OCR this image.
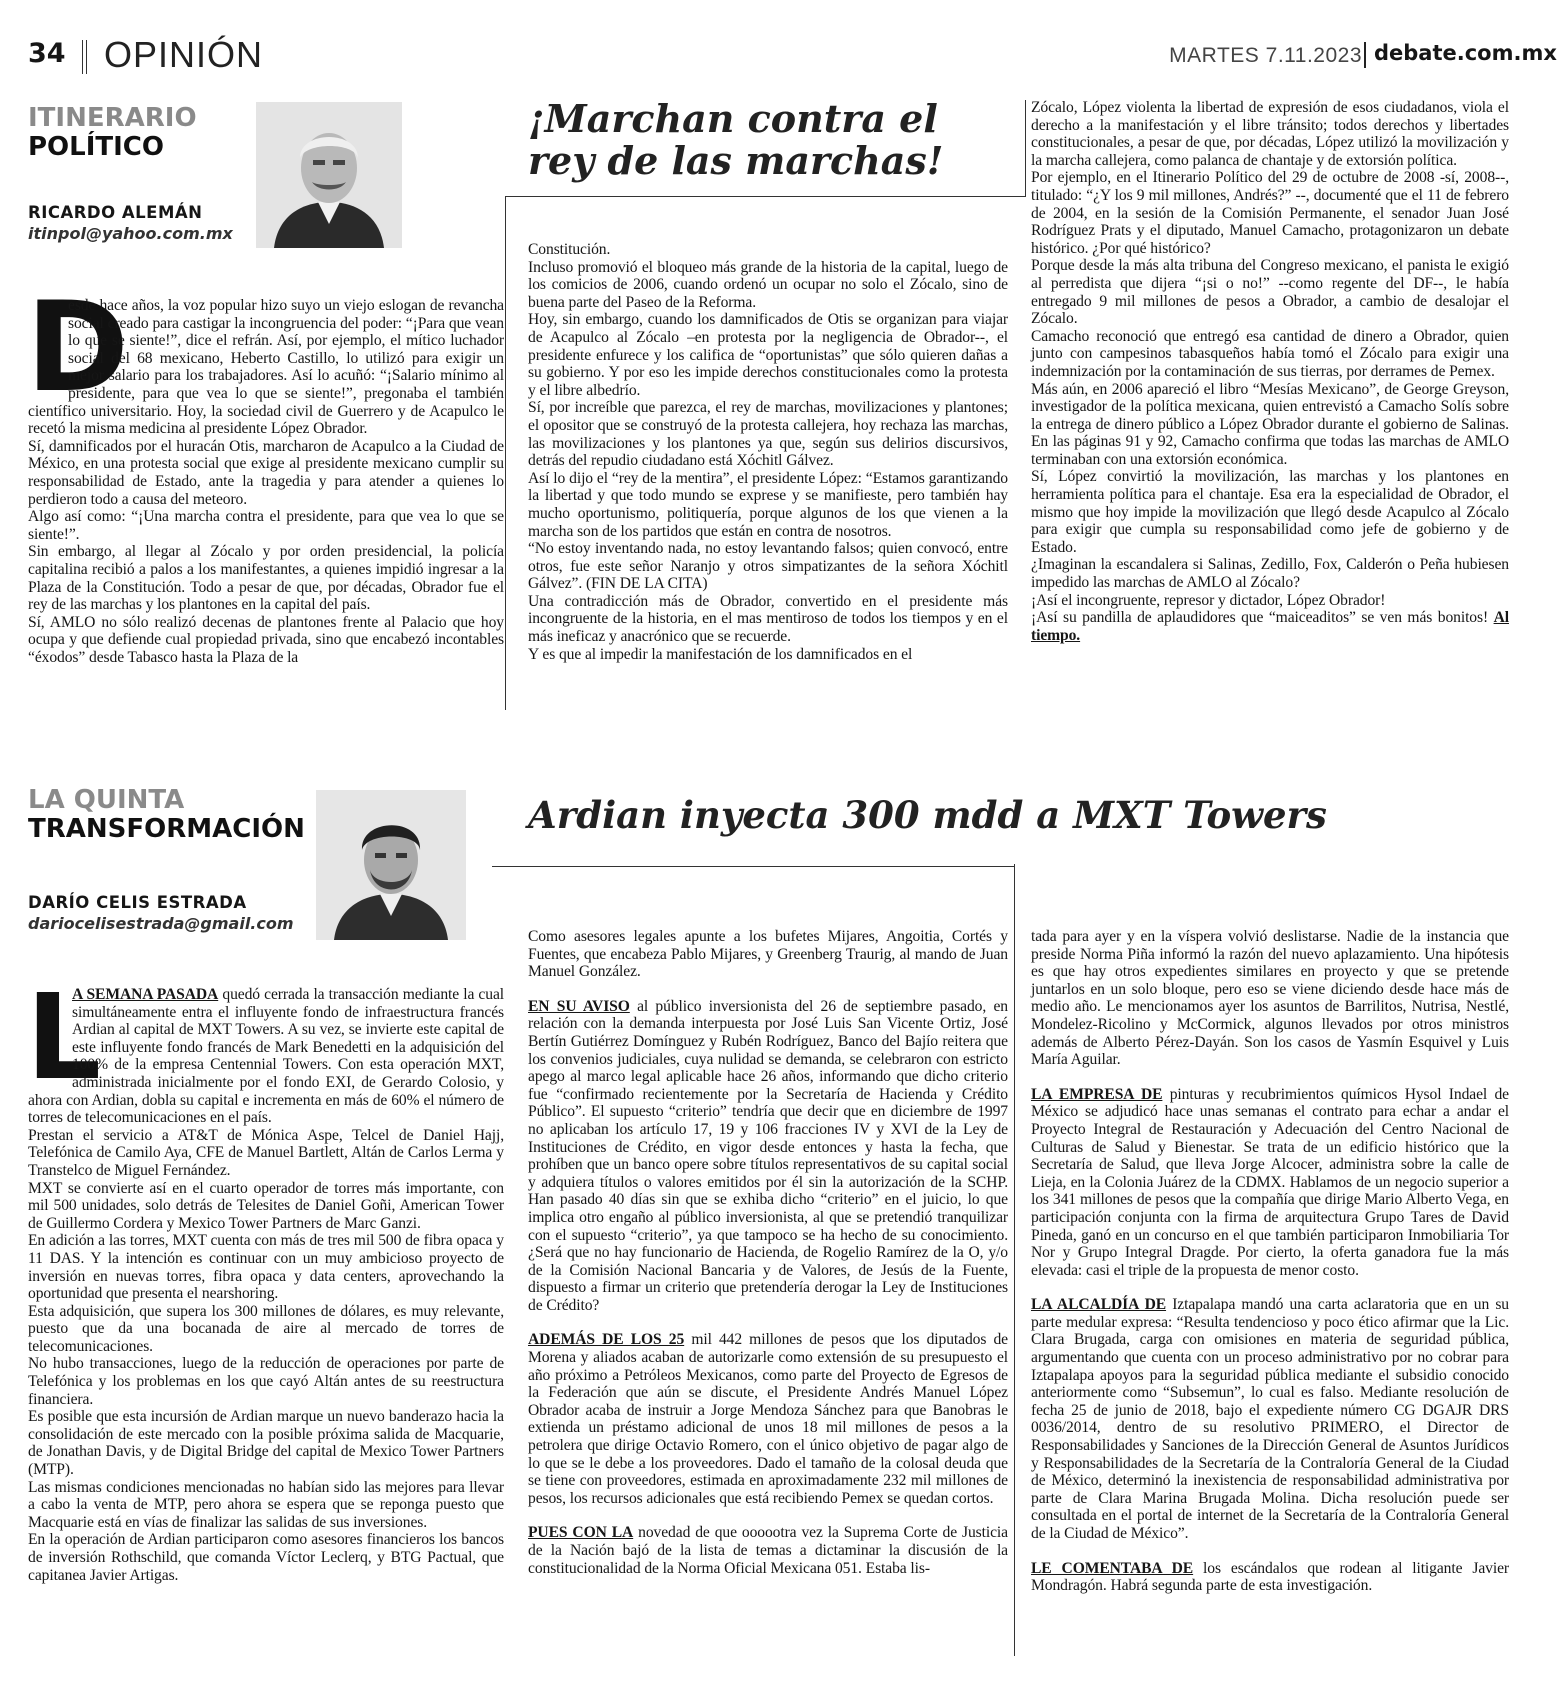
34 OPINIÓN	MARTES 7.11.2023 debate.com.mx
ITINERARIO
POLÍTICO
RICARDO ALEMÁN
itinpol@yahoo.com.mx
¡Marchan contra el rey de las marchas!
D

esde hace años, la voz popular hizo suyo un viejo eslogan de revancha social creado para castigar la incongruencia del poder: “¡Para que vean lo que se siente!”, dice el refrán. Así, por ejemplo, el mítico luchador social del 68 mexicano, Heberto Castillo, lo utilizó para exigir un mejor salario para los trabajadores. Así lo acuñó: “¡Salario mínimo al presidente, para que vea lo que se siente!”, pregonaba el también científico universitario. Hoy, la sociedad civil de Guerrero y de Acapulco le recetó la misma medicina al presidente López Obrador.

Sí, damnificados por el huracán Otis, marcharon de Acapulco a la Ciudad de México, en una protesta social que exige al presidente mexicano cumplir su responsabilidad de Estado, ante la tragedia y para atender a quienes lo perdieron todo a causa del meteoro.

Algo así como: “¡Una marcha contra el presidente, para que vea lo que se siente!”.

Sin embargo, al llegar al Zócalo y por orden presidencial, la policía capitalina recibió a palos a los manifestantes, a quienes impidió ingresar a la Plaza de la Constitución. Todo a pesar de que, por décadas, Obrador fue el rey de las marchas y los plantones en la capital del país.

Sí, AMLO no sólo realizó decenas de plantones frente al Palacio que hoy ocupa y que defiende cual propiedad privada, sino que encabezó incontables “éxodos” desde Tabasco hasta la Plaza de la

Constitución.

Incluso promovió el bloqueo más grande de la historia de la capital, luego de los comicios de 2006, cuando ordenó un ocupar no solo el Zócalo, sino de buena parte del Paseo de la Reforma.

Hoy, sin embargo, cuando los damnificados de Otis se organizan para viajar de Acapulco al Zócalo –en protesta por la negligencia de Obrador--, el presidente enfurece y los califica de “oportunistas” que sólo quieren dañas a su gobierno. Y por eso les impide derechos constitucionales como la protesta y el libre albedrío.

Sí, por increíble que parezca, el rey de marchas, movilizaciones y plantones; el opositor que se construyó de la protesta callejera, hoy rechaza las marchas, las movilizaciones y los plantones ya que, según sus delirios discursivos, detrás del repudio ciudadano está Xóchitl Gálvez.

Así lo dijo el “rey de la mentira”, el presidente López: “Estamos garantizando la libertad y que todo mundo se exprese y se manifieste, pero también hay mucho oportunismo, politiquería, porque algunos de los que vienen a la marcha son de los partidos que están en contra de nosotros.

“No estoy inventando nada, no estoy levantando falsos; quien convocó, entre otros, fue este señor Naranjo y otros simpatizantes de la señora Xóchitl Gálvez”. (FIN DE LA CITA)

Una contradicción más de Obrador, convertido en el presidente más incongruente de la historia, en el mas mentiroso de todos los tiempos y en el más ineficaz y anacrónico que se recuerde.

Y es que al impedir la manifestación de los damnificados en el

Zócalo, López violenta la libertad de expresión de esos ciudadanos, viola el derecho a la manifestación y el libre tránsito; todos derechos y libertades constitucionales, a pesar de que, por décadas, López utilizó la movilización y la marcha callejera, como palanca de chantaje y de extorsión política.

Por ejemplo, en el Itinerario Político del 29 de octubre de 2008 -sí, 2008--, titulado: “¿Y los 9 mil millones, Andrés?” --, documenté que el 11 de febrero de 2004, en la sesión de la Comisión Permanente, el senador Juan José Rodríguez Prats y el diputado, Manuel Camacho, protagonizaron un debate histórico. ¿Por qué histórico?

Porque desde la más alta tribuna del Congreso mexicano, el panista le exigió al perredista que dijera “¡si o no!” --como regente del DF--, le había entregado 9 mil millones de pesos a Obrador, a cambio de desalojar el Zócalo.

Camacho reconoció que entregó esa cantidad de dinero a Obrador, quien junto con campesinos tabasqueños había tomó el Zócalo para exigir una indemnización por la contaminación de sus tierras, por derrames de Pemex.

Más aún, en 2006 apareció el libro “Mesías Mexicano”, de George Greyson, investigador de la política mexicana, quien entrevistó a Camacho Solís sobre la entrega de dinero público a López Obrador durante el gobierno de Salinas. En las páginas 91 y 92, Camacho confirma que todas las marchas de AMLO terminaban con una extorsión económica.

Sí, López convirtió la movilización, las marchas y los plantones en herramienta política para el chantaje. Esa era la especialidad de Obrador, el mismo que hoy impide la movilización que llegó desde Acapulco al Zócalo para exigir que cumpla su responsabilidad como jefe de gobierno y de Estado.

¿Imaginan la escandalera si Salinas, Zedillo, Fox, Calderón o Peña hubiesen impedido las marchas de AMLO al Zócalo?

¡Así el incongruente, represor y dictador, López Obrador!

¡Así su pandilla de aplaudidores que “maiceaditos” se ven más bonitos! Al tiempo.

LA QUINTA
TRANSFORMACIÓN
DARÍO CELIS ESTRADA
dariocelisestrada@gmail.com
Ardian inyecta 300 mdd a MXT Towers
L

A SEMANA PASADA quedó cerrada la transacción mediante la cual simultáneamente entra el influyente fondo de infraestructura francés Ardian al capital de MXT Towers. A su vez, se invierte este capital de este influyente fondo francés de Mark Benedetti en la adquisición del 100% de la empresa Centennial Towers. Con esta operación MXT, administrada inicialmente por el fondo EXI, de Gerardo Colosio, y ahora con Ardian, dobla su capital e incrementa en más de 60% el número de torres de telecomunicaciones en el país.

Prestan el servicio a AT&T de Mónica Aspe, Telcel de Daniel Hajj, Telefónica de Camilo Aya, CFE de Manuel Bartlett, Altán de Carlos Lerma y Transtelco de Miguel Fernández.

MXT se convierte así en el cuarto operador de torres más importante, con mil 500 unidades, solo detrás de Telesites de Daniel Goñi, American Tower de Guillermo Cordera y Mexico Tower Partners de Marc Ganzi.

En adición a las torres, MXT cuenta con más de tres mil 500 de fibra opaca y 11 DAS. Y la intención es continuar con un muy ambicioso proyecto de inversión en nuevas torres, fibra opaca y data centers, aprovechando la oportunidad que presenta el nearshoring.

Esta adquisición, que supera los 300 millones de dólares, es muy relevante, puesto que da una bocanada de aire al mercado de torres de telecomunicaciones.

No hubo transacciones, luego de la reducción de operaciones por parte de Telefónica y los problemas en los que cayó Altán antes de su reestructura financiera.

Es posible que esta incursión de Ardian marque un nuevo banderazo hacia la consolidación de este mercado con la posible próxima salida de Macquarie, de Jonathan Davis, y de Digital Bridge del capital de Mexico Tower Partners (MTP).

Las mismas condiciones mencionadas no habían sido las mejores para llevar a cabo la venta de MTP, pero ahora se espera que se reponga puesto que Macquarie está en vías de finalizar las salidas de sus inversiones.

En la operación de Ardian participaron como asesores financieros los bancos de inversión Rothschild, que comanda Víctor Leclerq, y BTG Pactual, que capitanea Javier Artigas.

Como asesores legales apunte a los bufetes Mijares, Angoitia, Cortés y Fuentes, que encabeza Pablo Mijares, y Greenberg Traurig, al mando de Juan Manuel González.

EN SU AVISO al público inversionista del 26 de septiembre pasado, en relación con la demanda interpuesta por José Luis San Vicente Ortiz, José Bertín Gutiérrez Domínguez y Rubén Rodríguez, Banco del Bajío reitera que los convenios judiciales, cuya nulidad se demanda, se celebraron con estricto apego al marco legal aplicable hace 26 años, informando que dicho criterio fue “confirmado recientemente por la Secretaría de Hacienda y Crédito Público”. El supuesto “criterio” tendría que decir que en diciembre de 1997 no aplicaban los artículo 17, 19 y 106 fracciones IV y XVI de la Ley de Instituciones de Crédito, en vigor desde entonces y hasta la fecha, que prohíben que un banco opere sobre títulos representativos de su capital social y adquiera títulos o valores emitidos por él sin la autorización de la SCHP. Han pasado 40 días sin que se exhiba dicho “criterio” en el juicio, lo que implica otro engaño al público inversionista, al que se pretendió tranquilizar con el supuesto “criterio”, ya que tampoco se ha hecho de su conocimiento. ¿Será que no hay funcionario de Hacienda, de Rogelio Ramírez de la O, y/o de la Comisión Nacional Bancaria y de Valores, de Jesús de la Fuente, dispuesto a firmar un criterio que pretendería derogar la Ley de Instituciones de Crédito?

ADEMÁS DE LOS 25 mil 442 millones de pesos que los diputados de Morena y aliados acaban de autorizarle como extensión de su presupuesto el año próximo a Petróleos Mexicanos, como parte del Proyecto de Egresos de la Federación que aún se discute, el Presidente Andrés Manuel López Obrador acaba de instruir a Jorge Mendoza Sánchez para que Banobras le extienda un préstamo adicional de unos 18 mil millones de pesos a la petrolera que dirige Octavio Romero, con el único objetivo de pagar algo de lo que se le debe a los proveedores. Dado el tamaño de la colosal deuda que se tiene con proveedores, estimada en aproximadamente 232 mil millones de pesos, los recursos adicionales que está recibiendo Pemex se quedan cortos.

PUES CON LA novedad de que oooootra vez la Suprema Corte de Justicia de la Nación bajó de la lista de temas a dictaminar la discusión de la constitucionalidad de la Norma Oficial Mexicana 051. Estaba lis-

tada para ayer y en la víspera volvió deslistarse. Nadie de la instancia que preside Norma Piña informó la razón del nuevo aplazamiento. Una hipótesis es que hay otros expedientes similares en proyecto y que se pretende juntarlos en un solo bloque, pero eso se viene diciendo desde hace más de medio año. Le mencionamos ayer los asuntos de Barrilitos, Nutrisa, Nestlé, Mondelez-Ricolino y McCormick, algunos llevados por otros ministros además de Alberto Pérez-Dayán. Son los casos de Yasmín Esquivel y Luis María Aguilar.

LA EMPRESA DE pinturas y recubrimientos químicos Hysol Indael de México se adjudicó hace unas semanas el contrato para echar a andar el Proyecto Integral de Restauración y Adecuación del Centro Nacional de Culturas de Salud y Bienestar. Se trata de un edificio histórico que la Secretaría de Salud, que lleva Jorge Alcocer, administra sobre la calle de Lieja, en la Colonia Juárez de la CDMX. Hablamos de un negocio superior a los 341 millones de pesos que la compañía que dirige Mario Alberto Vega, en participación conjunta con la firma de arquitectura Grupo Tares de David Pineda, ganó en un concurso en el que también participaron Inmobiliaria Tor Nor y Grupo Integral Dragde. Por cierto, la oferta ganadora fue la más elevada: casi el triple de la propuesta de menor costo.

LA ALCALDÍA DE Iztapalapa mandó una carta aclaratoria que en un su parte medular expresa: “Resulta tendencioso y poco ético afirmar que la Lic. Clara Brugada, carga con omisiones en materia de seguridad pública, argumentando que cuenta con un proceso administrativo por no cobrar para Iztapalapa apoyos para la seguridad pública mediante el subsidio conocido anteriormente como “Subsemun”, lo cual es falso. Mediante resolución de fecha 25 de junio de 2018, bajo el expediente número CG DGAJR DRS 0036/2014, dentro de su resolutivo PRIMERO, el Director de Responsabilidades y Sanciones de la Dirección General de Asuntos Jurídicos y Responsabilidades de la Secretaría de la Contraloría General de la Ciudad de México, determinó la inexistencia de responsabilidad administrativa por parte de Clara Marina Brugada Molina. Dicha resolución puede ser consultada en el portal de internet de la Secretaría de la Contraloría General de la Ciudad de México”.

LE COMENTABA DE los escándalos que rodean al litigante Javier Mondragón. Habrá segunda parte de esta investigación.
